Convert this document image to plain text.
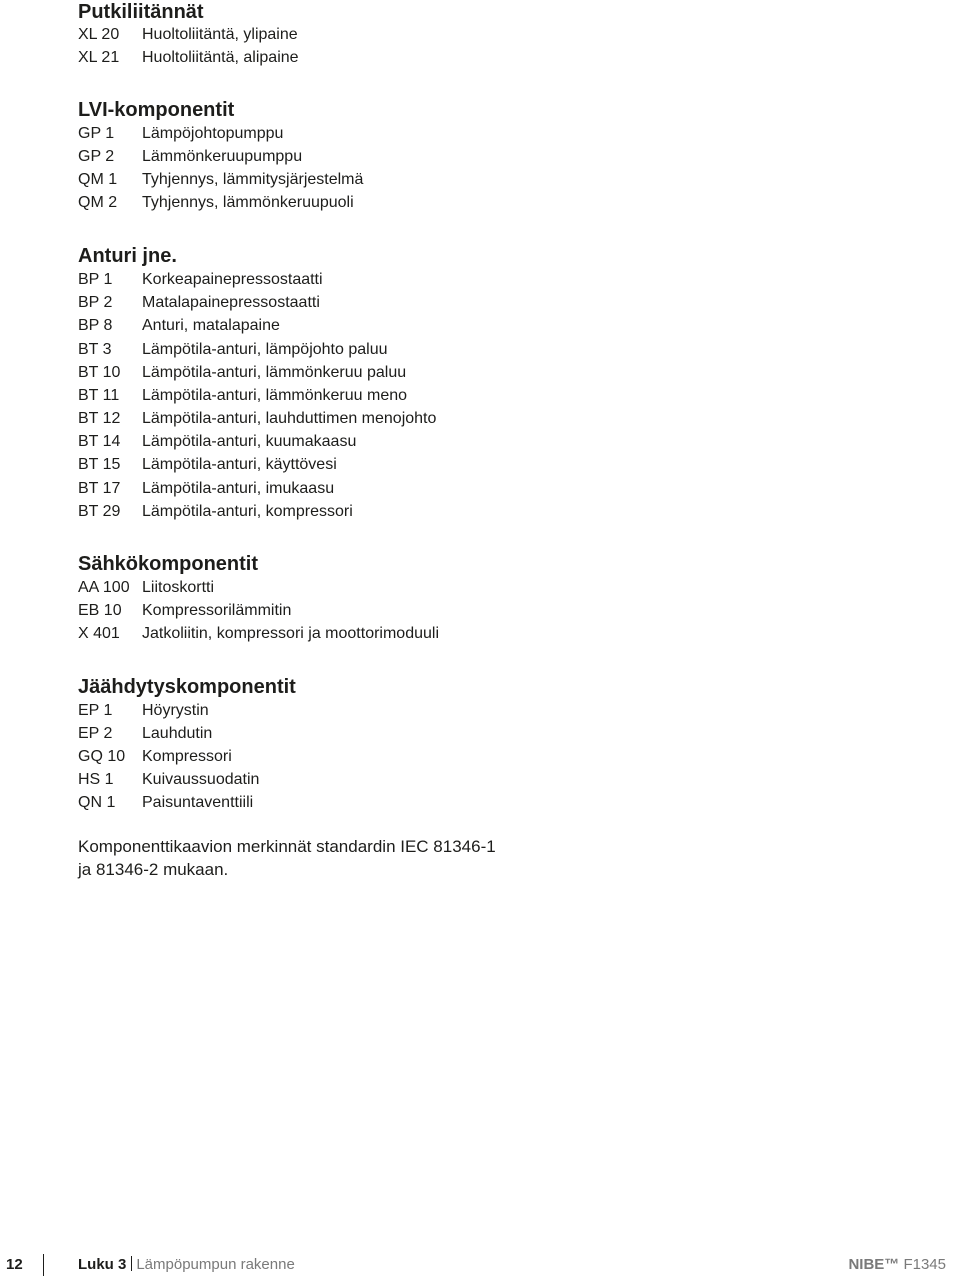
Putkiliitännät
XL 20	Huoltoliitäntä, ylipaine
XL 21	Huoltoliitäntä, alipaine
LVI-komponentit
GP 1	Lämpöjohtopumppu
GP 2	Lämmönkeruupumppu
QM 1	Tyhjennys, lämmitysjärjestelmä
QM 2	Tyhjennys, lämmönkeruupuoli
Anturi jne.
BP 1	Korkeapainepressostaatti
BP 2	Matalapainepressostaatti
BP 8	Anturi, matalapaine
BT 3	Lämpötila-anturi, lämpöjohto paluu
BT 10	Lämpötila-anturi, lämmönkeruu paluu
BT 11	Lämpötila-anturi, lämmönkeruu meno
BT 12	Lämpötila-anturi, lauhduttimen menojohto
BT 14	Lämpötila-anturi, kuumakaasu
BT 15	Lämpötila-anturi, käyttövesi
BT 17	Lämpötila-anturi, imukaasu
BT 29	Lämpötila-anturi, kompressori
Sähkökomponentit
AA 100 Liitoskortti
EB 10	Kompressorilämmitin
X 401	Jatkoliitin, kompressori ja moottorimoduuli
Jäähdytyskomponentit
EP 1	Höyrystin
EP 2	Lauhdutin
GQ 10	Kompressori
HS 1	Kuivaussuodatin
QN 1	Paisuntaventtiili
Komponenttikaavion merkinnät standardin IEC 81346-1
ja 81346-2 mukaan.
12	Luku 3 Lämpöpumpun rakenne	NIBE™ F1345
